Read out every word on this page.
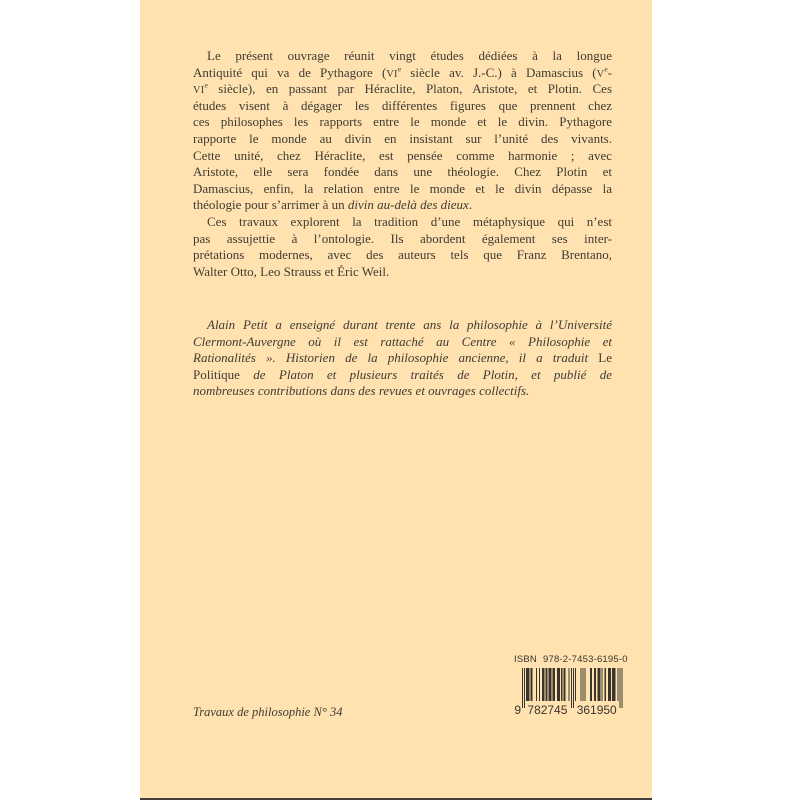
Le présent ouvrage réunit vingt études dédiées à la longue
Antiquité qui va de Pythagore (VIe siècle av. J.-C.) à Damascius (Ve-
VIe siècle), en passant par Héraclite, Platon, Aristote, et Plotin. Ces
études visent à dégager les différentes figures que prennent chez
ces philosophes les rapports entre le monde et le divin. Pythagore
rapporte le monde au divin en insistant sur l’unité des vivants.
Cette unité, chez Héraclite, est pensée comme harmonie ; avec
Aristote, elle sera fondée dans une théologie. Chez Plotin et
Damascius, enfin, la relation entre le monde et le divin dépasse la
théologie pour s’arrimer à un divin au-delà des dieux.
Ces travaux explorent la tradition d’une métaphysique qui n’est
pas assujettie à l’ontologie. Ils abordent également ses inter-
prétations modernes, avec des auteurs tels que Franz Brentano,
Walter Otto, Leo Strauss et Éric Weil.
Alain Petit a enseigné durant trente ans la philosophie à l’Université
Clermont-Auvergne où il est rattaché au Centre « Philosophie et
Rationalités ». Historien de la philosophie ancienne, il a traduit Le
Politique de Platon et plusieurs traités de Plotin, et publié de
nombreuses contributions dans des revues et ouvrages collectifs.
Travaux de philosophie N° 34
ISBN 978-2-7453-6195-0
9 782745 361950
